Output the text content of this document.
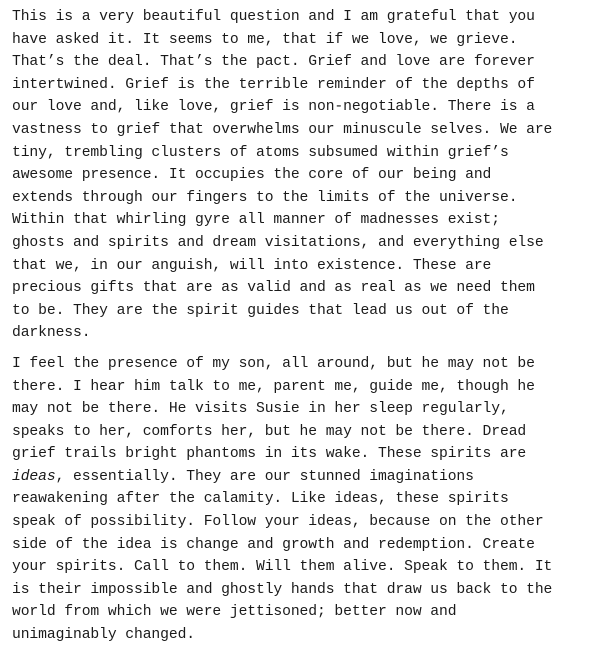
This is a very beautiful question and I am grateful that you
have asked it. It seems to me, that if we love, we grieve.
That’s the deal. That’s the pact. Grief and love are forever
intertwined. Grief is the terrible reminder of the depths of
our love and, like love, grief is non-negotiable. There is a
vastness to grief that overwhelms our minuscule selves. We are
tiny, trembling clusters of atoms subsumed within grief’s
awesome presence. It occupies the core of our being and
extends through our fingers to the limits of the universe.
Within that whirling gyre all manner of madnesses exist;
ghosts and spirits and dream visitations, and everything else
that we, in our anguish, will into existence. These are
precious gifts that are as valid and as real as we need them
to be. They are the spirit guides that lead us out of the
darkness.

I feel the presence of my son, all around, but he may not be
there. I hear him talk to me, parent me, guide me, though he
may not be there. He visits Susie in her sleep regularly,
speaks to her, comforts her, but he may not be there. Dread
grief trails bright phantoms in its wake. These spirits are
ideas, essentially. They are our stunned imaginations
reawakening after the calamity. Like ideas, these spirits
speak of possibility. Follow your ideas, because on the other
side of the idea is change and growth and redemption. Create
your spirits. Call to them. Will them alive. Speak to them. It
is their impossible and ghostly hands that draw us back to the
world from which we were jettisoned; better now and
unimaginably changed.
